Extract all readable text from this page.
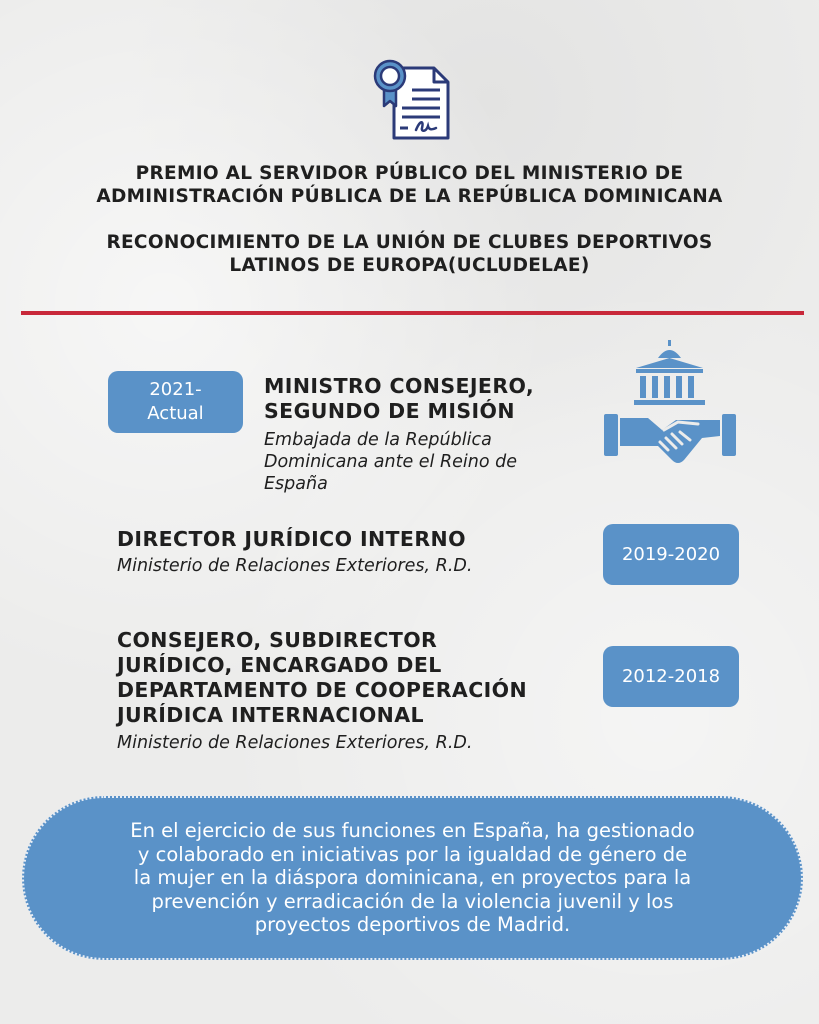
PREMIO AL SERVIDOR PÚBLICO DEL MINISTERIO DE
ADMINISTRACIÓN PÚBLICA DE LA REPÚBLICA DOMINICANA
RECONOCIMIENTO DE LA UNIÓN DE CLUBES DEPORTIVOS
LATINOS DE EUROPA(UCLUDELAE)
2021-
Actual
MINISTRO CONSEJERO,
SEGUNDO DE MISIÓN
Embajada de la República
Dominicana ante el Reino de
España
DIRECTOR JURÍDICO INTERNO
Ministerio de Relaciones Exteriores, R.D.
2019-2020
CONSEJERO, SUBDIRECTOR
JURÍDICO, ENCARGADO DEL
DEPARTAMENTO DE COOPERACIÓN
JURÍDICA INTERNACIONAL
Ministerio de Relaciones Exteriores, R.D.
2012-2018
En el ejercicio de sus funciones en España, ha gestionado
y colaborado en iniciativas por la igualdad de género de
la mujer en la diáspora dominicana, en proyectos para la
prevención y erradicación de la violencia juvenil y los
proyectos deportivos de Madrid.
